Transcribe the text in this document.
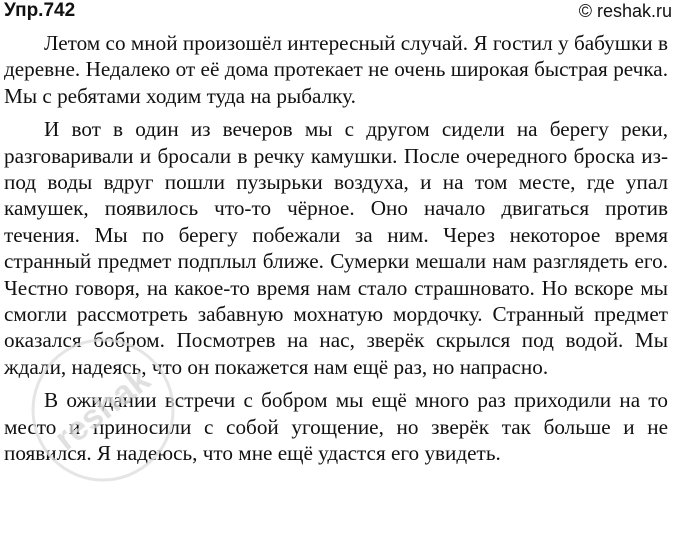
Упр.742	© reshak.ru

Летом со мной произошёл интересный случай. Я гостил у бабушки в деревне. Недалеко от её дома протекает не очень широкая быстрая речка. Мы с ребятами ходим туда на рыбалку.

И вот в один из вечеров мы с другом сидели на берегу реки, разговаривали и бросали в речку камушки. После очередного броска из-под воды вдруг пошли пузырьки воздуха, и на том месте, где упал камушек, появилось что-то чёрное. Оно начало двигаться против течения. Мы по берегу побежали за ним. Через некоторое время странный предмет подплыл ближе. Сумерки мешали нам разглядеть его. Честно говоря, на какое-то время нам стало страшновато. Но вскоре мы смогли рассмотреть забавную мохнатую мордочку. Странный предмет оказался бобром. Посмотрев на нас, зверёк скрылся под водой. Мы ждали, надеясь, что он покажется нам ещё раз, но напрасно.

В ожидании встречи с бобром мы ещё много раз приходили на то место и приносили с собой угощение, но зверёк так больше и не появился. Я надеюсь, что мне ещё удастся его увидеть.

reshak
